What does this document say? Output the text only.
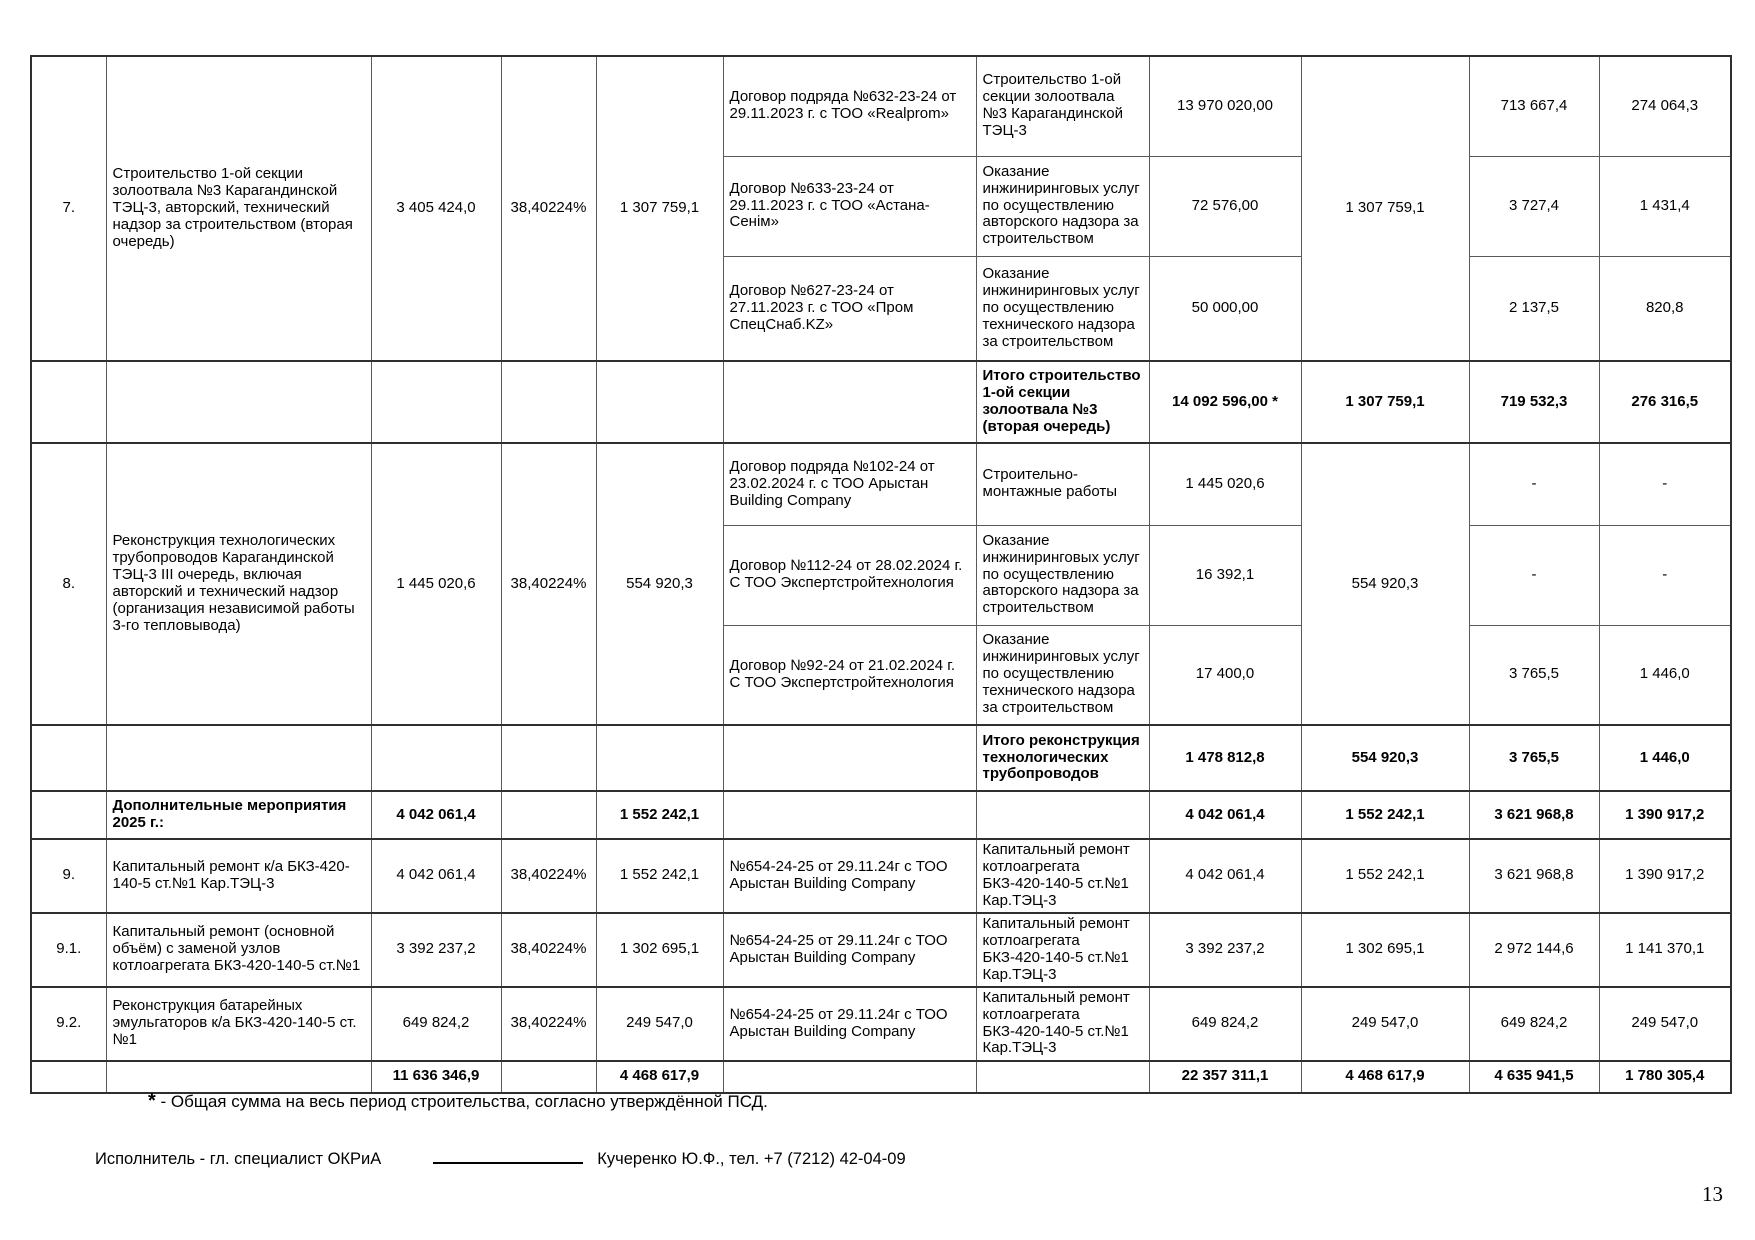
7.	Строительство 1-ой секции золоотвала №3 Карагандинской ТЭЦ-3, авторский, технический надзор за строительством (вторая очередь)	3 405 424,0	38,40224%	1 307 759,1	Договор подряда №632-23-24 от 29.11.2023 г. с ТОО «Realprom»	Строительство 1-ой секции золоотвала №3 Карагандинской ТЭЦ-3	13 970 020,00	1 307 759,1	713 667,4	274 064,3
					Договор №633-23-24 от 29.11.2023 г. с ТОО «Астана-Сенім»	Оказание инжиниринговых услуг по осуществлению авторского надзора за строительством	72 576,00		3 727,4	1 431,4
					Договор №627-23-24 от 27.11.2023 г. с ТОО «Пром СпецСнаб.KZ»	Оказание инжиниринговых услуг по осуществлению технического надзора за строительством	50 000,00		2 137,5	820,8
						Итого строительство 1-ой секции золоотвала №3 (вторая очередь)	14 092 596,00 *	1 307 759,1	719 532,3	276 316,5
8.	Реконструкция технологических трубопроводов Карагандинской ТЭЦ-3 III очередь, включая авторский и технический надзор (организация независимой работы 3-го тепловывода)	1 445 020,6	38,40224%	554 920,3	Договор подряда №102-24 от 23.02.2024 г. с ТОО Арыстан Building Company	Строительно-монтажные работы	1 445 020,6	554 920,3	-	-
					Договор №112-24 от 28.02.2024 г. С ТОО Экспертстройтехнология	Оказание инжиниринговых услуг по осуществлению авторского надзора за строительством	16 392,1		-	-
					Договор №92-24 от 21.02.2024 г. С ТОО Экспертстройтехнология	Оказание инжиниринговых услуг по осуществлению технического надзора за строительством	17 400,0		3 765,5	1 446,0
						Итого реконструкция технологических трубопроводов	1 478 812,8	554 920,3	3 765,5	1 446,0
	Дополнительные мероприятия 2025 г.:	4 042 061,4		1 552 242,1			4 042 061,4	1 552 242,1	3 621 968,8	1 390 917,2
9.	Капитальный ремонт к/а БКЗ-420-140-5 ст.№1 Кар.ТЭЦ-3	4 042 061,4	38,40224%	1 552 242,1	№654-24-25 от 29.11.24г с ТОО Арыстан Building Company	Капитальный ремонт котлоагрегата БКЗ-420-140-5 ст.№1 Кар.ТЭЦ-3	4 042 061,4	1 552 242,1	3 621 968,8	1 390 917,2
9.1.	Капитальный ремонт (основной объём) с заменой узлов котлоагрегата БКЗ-420-140-5 ст.№1	3 392 237,2	38,40224%	1 302 695,1	№654-24-25 от 29.11.24г с ТОО Арыстан Building Company	Капитальный ремонт котлоагрегата БКЗ-420-140-5 ст.№1 Кар.ТЭЦ-3	3 392 237,2	1 302 695,1	2 972 144,6	1 141 370,1
9.2.	Реконструкция батарейных эмульгаторов к/а БКЗ-420-140-5 ст.№1	649 824,2	38,40224%	249 547,0	№654-24-25 от 29.11.24г с ТОО Арыстан Building Company	Капитальный ремонт котлоагрегата БКЗ-420-140-5 ст.№1 Кар.ТЭЦ-3	649 824,2	249 547,0	649 824,2	249 547,0
		11 636 346,9		4 468 617,9			22 357 311,1	4 468 617,9	4 635 941,5	1 780 305,4
* - Общая сумма на весь период строительства, согласно утверждённой ПСД.
Исполнитель - гл. специалист ОКРиА	Кучеренко Ю.Ф., тел. +7 (7212) 42-04-09
13
